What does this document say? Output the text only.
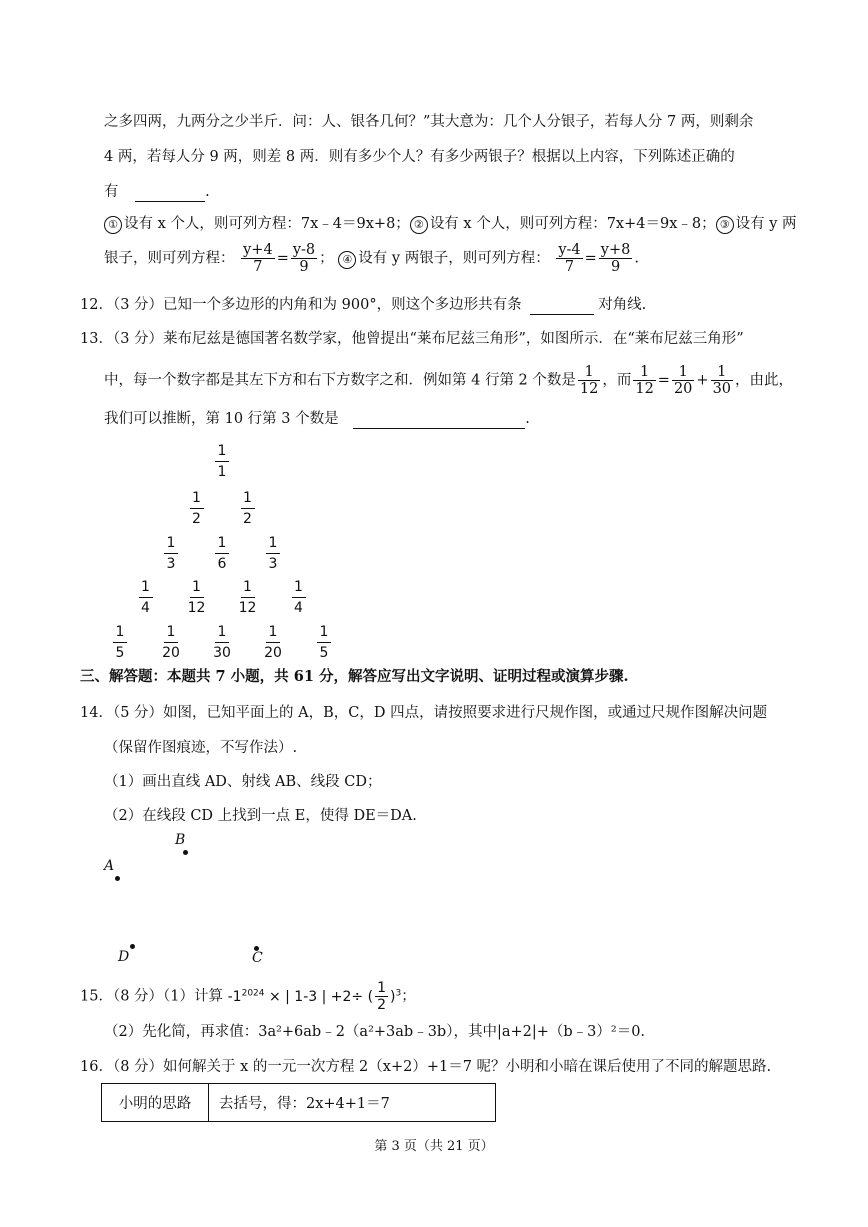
之多四两，九两分之少半斤．问：人、银各几何？”其大意为：几个人分银子，若每人分 7 两，则剩余
4 两，若每人分 9 两，则差 8 两．则有多少个人？有多少两银子？根据以上内容，下列陈述正确的
有	.
① 设有 x 个人，则可列方程：7x﹣4＝9x+8； ② 设有 x 个人，则可列方程：7x+4＝9x﹣8； ③ 设有 y 两
银子，则可列方程： $\frac{y+4}{7} = \frac{y-8}{9}$ ； ④ 设有 y 两银子，则可列方程： $\frac{y-4}{7} = \frac{y+8}{9}$ .
12．（3 分）已知一个多边形的内角和为 900°，则这个多边形共有条	对角线.
13．（3 分）莱布尼兹是德国著名数学家，他曾提出“莱布尼兹三角形”，如图所示．在“莱布尼兹三角形”
中，每一个数字都是其左下方和右下方数字之和．例如第 4 行第 2 个数是 $\frac{1}{12}$ ，而 $\frac{1}{12} = \frac{1}{20} + \frac{1}{30}$ ，由此，
我们可以推断，第 10 行第 3 个数是	.
1
1
1
2
1
2
1
3
1
6
1
3
1
4
1
12
1
12
1
4
1
5
1
20
1
30
1
20
1
5
三、解答题：本题共 7 小题，共 61 分，解答应写出文字说明、证明过程或演算步骤.
14．（5 分）如图，已知平面上的 A，B，C，D 四点，请按照要求进行尺规作图，或通过尺规作图解决问题
（保留作图痕迹，不写作法）.
（1）画出直线 AD、射线 AB、线段 CD；
（2）在线段 CD 上找到一点 E，使得 DE＝DA.
B
A
D	C
15．（8 分）（1）计算 $-1^{2024}$ × | 1-3 | +2÷ ( $\frac{1}{2} )^3$；
（2）先化简，再求值：3a²+6ab﹣2（a²+3ab﹣3b），其中|a+2|+（b﹣3）²＝0.
16．（8 分）如何解关于 x 的一元一次方程 2（x+2）+1＝7 呢？小明和小暗在课后使用了不同的解题思路.
小明的思路	去括号，得：2x+4+1＝7
第 3 页（共 21 页）
